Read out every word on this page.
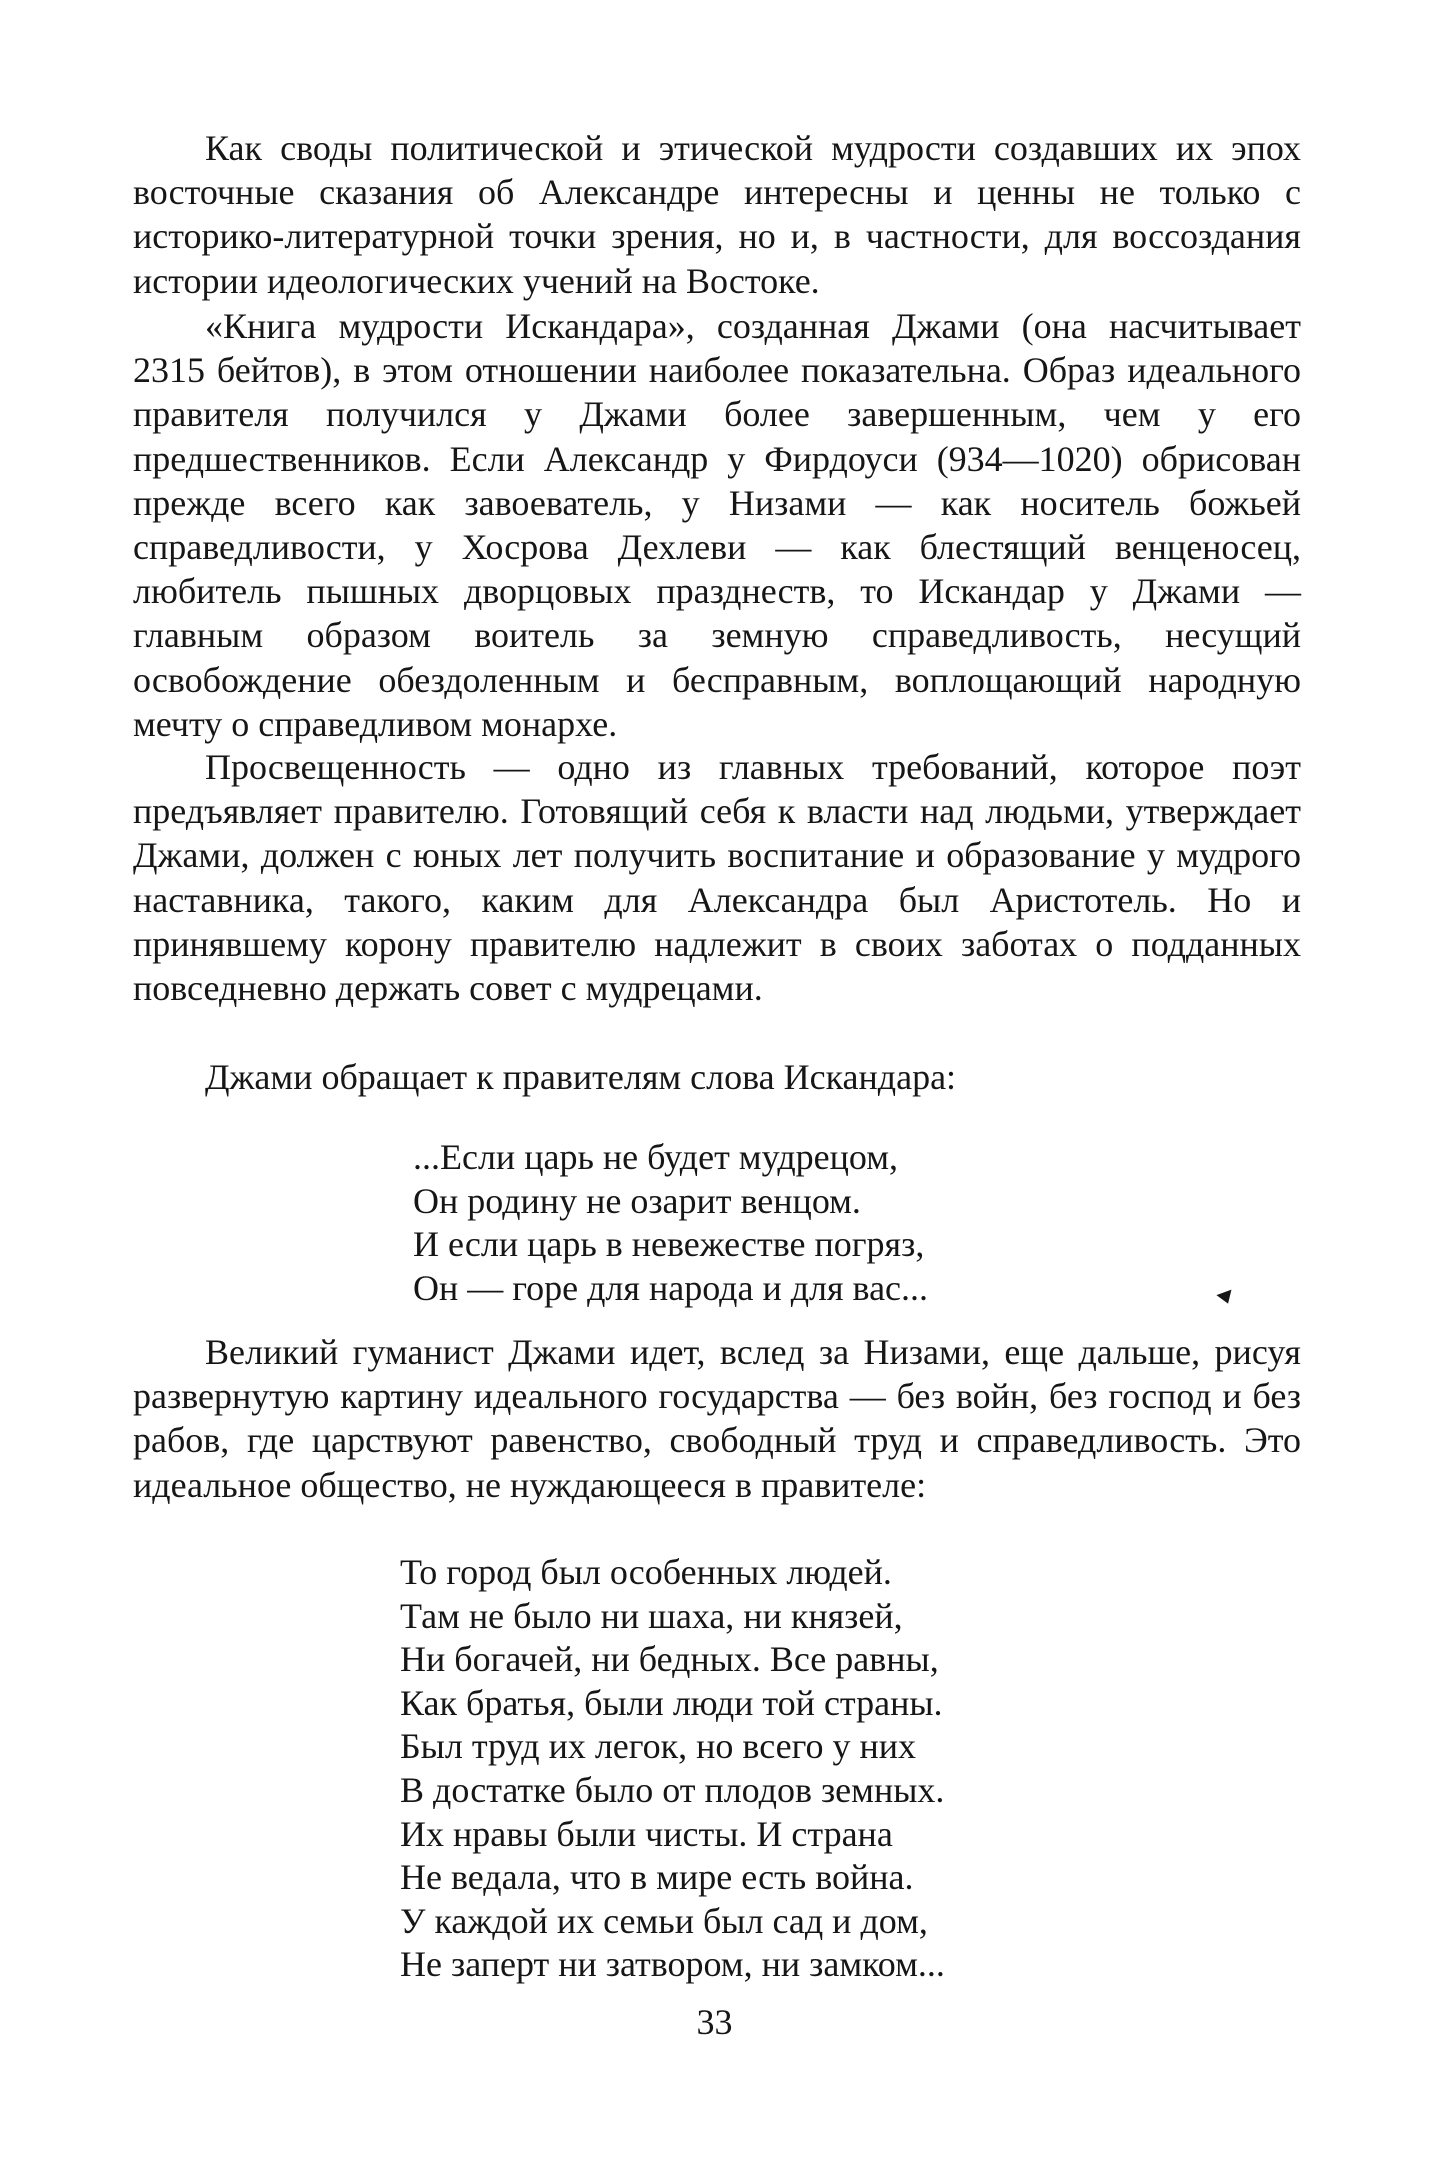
Как своды политической и этической мудрости создавших их эпох восточные сказания об Александре интересны и ценны не только с историко-литературной точки зрения, но и, в частности, для воссоздания истории идеологических учений на Востоке.

«Книга мудрости Искандара», созданная Джами (она насчитывает 2315 бейтов), в этом отношении наиболее показательна. Образ идеального правителя получился у Джами более завершенным, чем у его предшественников. Если Александр у Фирдоуси (934—1020) обрисован прежде всего как завоеватель, у Низами — как носитель божьей справедливости, у Хосрова Дехлеви — как блестящий венценосец, любитель пышных дворцовых празднеств, то Искандар у Джами — главным образом воитель за земную справедливость, несущий освобождение обездоленным и бесправным, воплощающий народную мечту о справедливом монархе.

Просвещенность — одно из главных требований, которое поэт предъявляет правителю. Готовящий себя к власти над людьми, утверждает Джами, должен с юных лет получить воспитание и образование у мудрого наставника, такого, каким для Александра был Аристотель. Но и принявшему корону правителю надлежит в своих заботах о подданных повседневно держать совет с мудрецами.

Джами обращает к правителям слова Искандара:

...Если царь не будет мудрецом,
Он родину не озарит венцом.
И если царь в невежестве погряз,
Он — горе для народа и для вас...

Великий гуманист Джами идет, вслед за Низами, еще дальше, рисуя развернутую картину идеального государства — без войн, без господ и без рабов, где царствуют равенство, свободный труд и справедливость. Это идеальное общество, не нуждающееся в правителе:

То город был особенных людей.
Там не было ни шаха, ни князей,
Ни богачей, ни бедных. Все равны,
Как братья, были люди той страны.
Был труд их легок, но всего у них
В достатке было от плодов земных.
Их нравы были чисты. И страна
Не ведала, что в мире есть война.
У каждой их семьи был сад и дом,
Не заперт ни затвором, ни замком...
33
